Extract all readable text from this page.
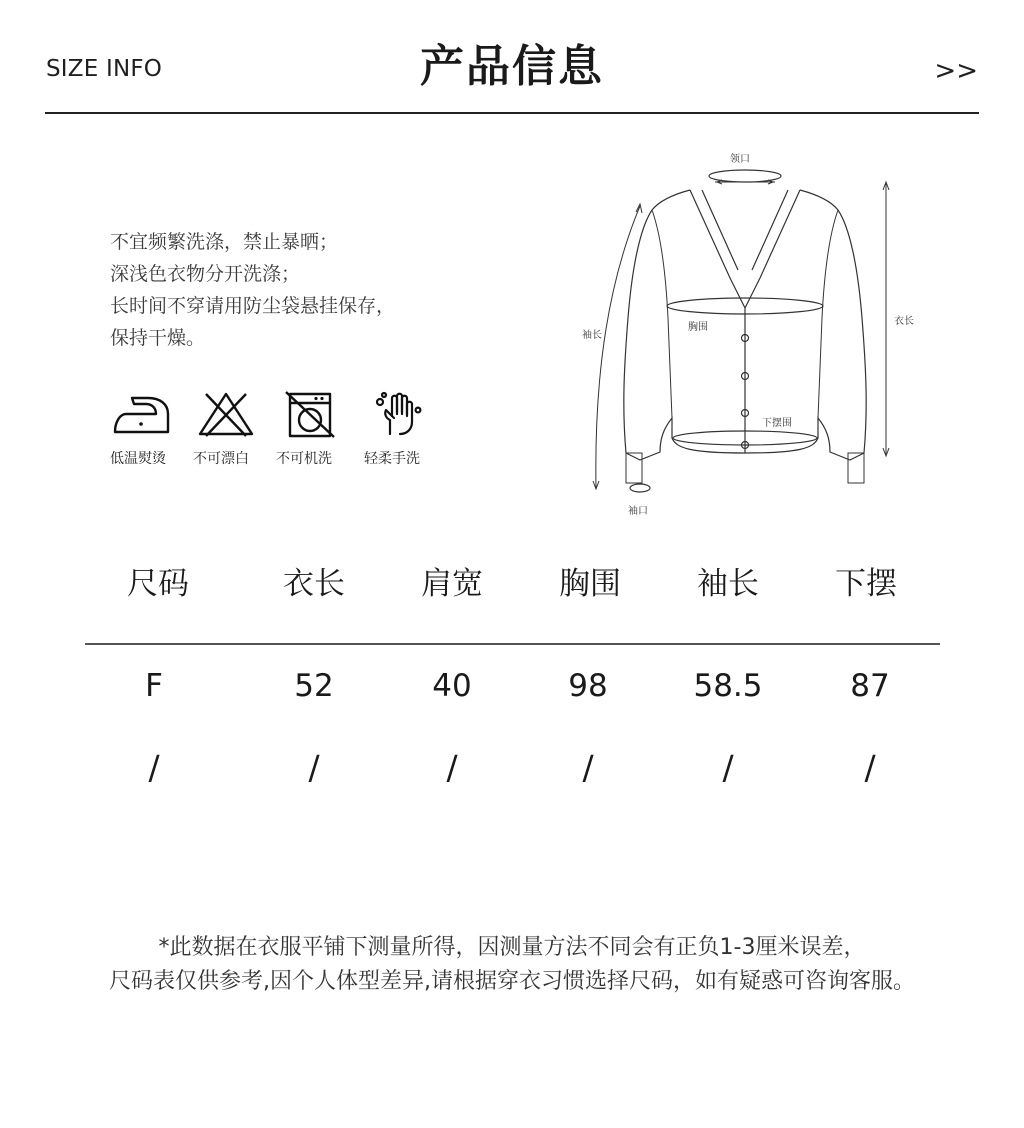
SIZE INFO	产品信息	>>
不宜频繁洗涤，禁止暴晒；
深浅色衣物分开洗涤；
长时间不穿请用防尘袋悬挂保存，
保持干燥。
低温熨烫 不可漂白 不可机洗 轻柔手洗
领口
胸围
下摆围
袖口
衣长
袖长
尺码	衣长	肩宽	胸围	袖长	下摆
F	52	40	98	58.5	87
/	/	/	/	/	/
*此数据在衣服平铺下测量所得，因测量方法不同会有正负1-3厘米误差，
尺码表仅供参考,因个人体型差异,请根据穿衣习惯选择尺码，如有疑惑可咨询客服。
